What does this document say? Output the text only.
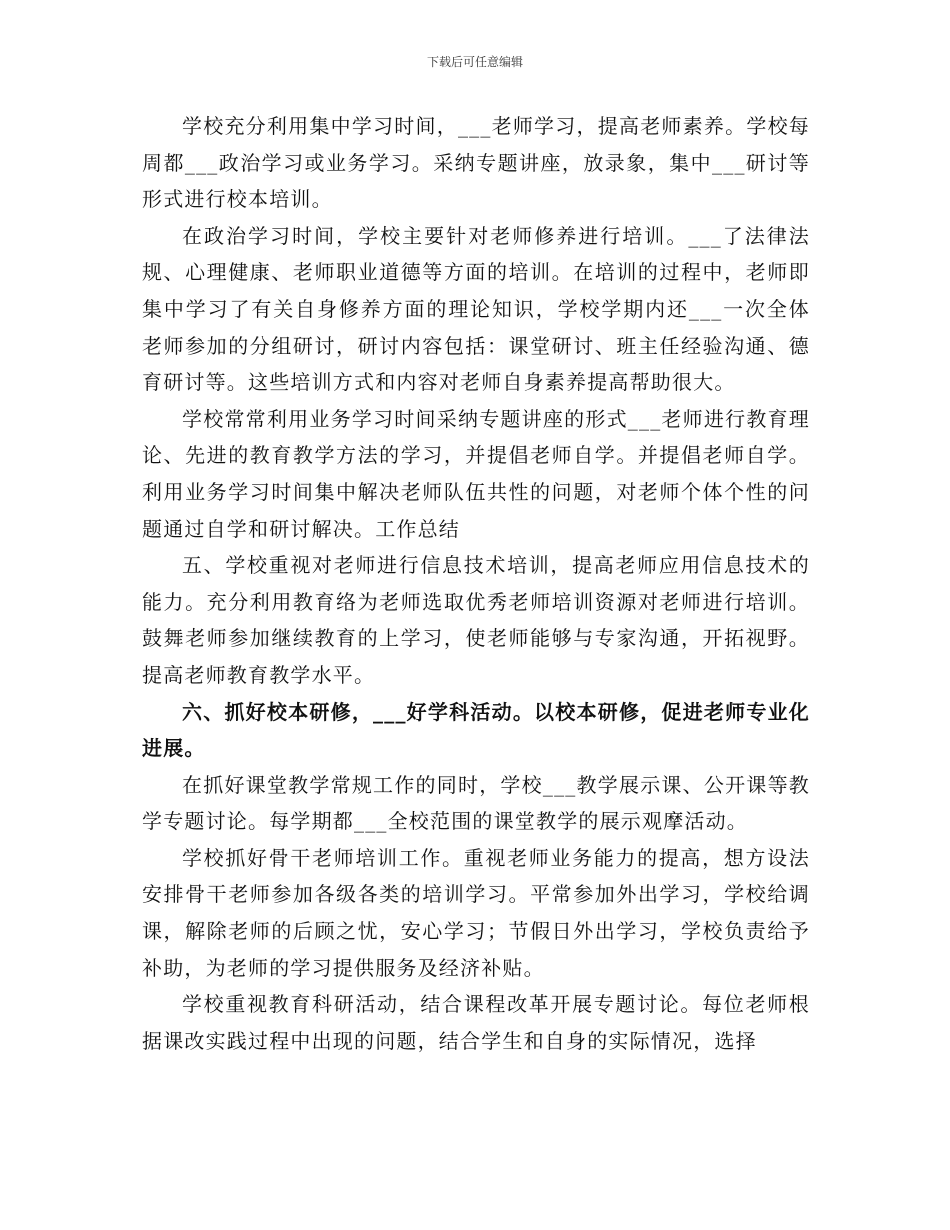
下载后可任意编辑

学校充分利用集中学习时间，___老师学习，提高老师素养。学校每周都___政治学习或业务学习。采纳专题讲座，放录象，集中___研讨等形式进行校本培训。

在政治学习时间，学校主要针对老师修养进行培训。___了法律法规、心理健康、老师职业道德等方面的培训。在培训的过程中，老师即集中学习了有关自身修养方面的理论知识，学校学期内还___一次全体老师参加的分组研讨，研讨内容包括：课堂研讨、班主任经验沟通、德育研讨等。这些培训方式和内容对老师自身素养提高帮助很大。

学校常常利用业务学习时间采纳专题讲座的形式___老师进行教育理论、先进的教育教学方法的学习，并提倡老师自学。并提倡老师自学。利用业务学习时间集中解决老师队伍共性的问题，对老师个体个性的问题通过自学和研讨解决。工作总结

五、学校重视对老师进行信息技术培训，提高老师应用信息技术的能力。充分利用教育络为老师选取优秀老师培训资源对老师进行培训。鼓舞老师参加继续教育的上学习，使老师能够与专家沟通，开拓视野。提高老师教育教学水平。

六、抓好校本研修，___好学科活动。以校本研修，促进老师专业化进展。

在抓好课堂教学常规工作的同时，学校___教学展示课、公开课等教学专题讨论。每学期都___全校范围的课堂教学的展示观摩活动。

学校抓好骨干老师培训工作。重视老师业务能力的提高，想方设法安排骨干老师参加各级各类的培训学习。平常参加外出学习，学校给调课，解除老师的后顾之忧，安心学习；节假日外出学习，学校负责给予补助，为老师的学习提供服务及经济补贴。

学校重视教育科研活动，结合课程改革开展专题讨论。每位老师根据课改实践过程中出现的问题，结合学生和自身的实际情况，选择
